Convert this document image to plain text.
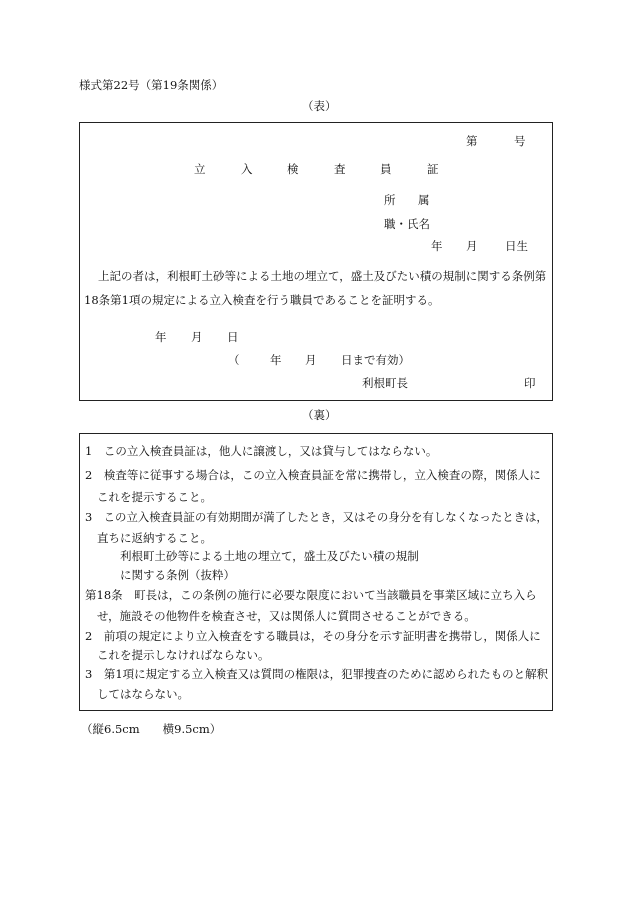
様式第22号（第19条関係）
（表）
第	号
立	入	検	査	員	証
所 属
職・氏名
年 月 日生
上記の者は，利根町土砂等による土地の埋立て，盛土及びたい積の規制に関する条例第
18条第1項の規定による立入検査を行う職員であることを証明する。
年 月 日
（	年 月 日まで有効）
利根町長	印
（裏）
1　この立入検査員証は，他人に譲渡し，又は貸与してはならない。
2　検査等に従事する場合は，この立入検査員証を常に携帯し，立入検査の際，関係人に
これを提示すること。
3　この立入検査員証の有効期間が満了したとき，又はその身分を有しなくなったときは，
直ちに返納すること。
利根町土砂等による土地の埋立て，盛土及びたい積の規制
に関する条例（抜粋）
第18条　町長は，この条例の施行に必要な限度において当該職員を事業区域に立ち入ら
せ，施設その他物件を検査させ，又は関係人に質問させることができる。
2　前項の規定により立入検査をする職員は，その身分を示す証明書を携帯し，関係人に
これを提示しなければならない。
3　第1項に規定する立入検査又は質問の権限は，犯罪捜査のために認められたものと解釈
してはならない。
（縦6.5cm　　横9.5cm）
